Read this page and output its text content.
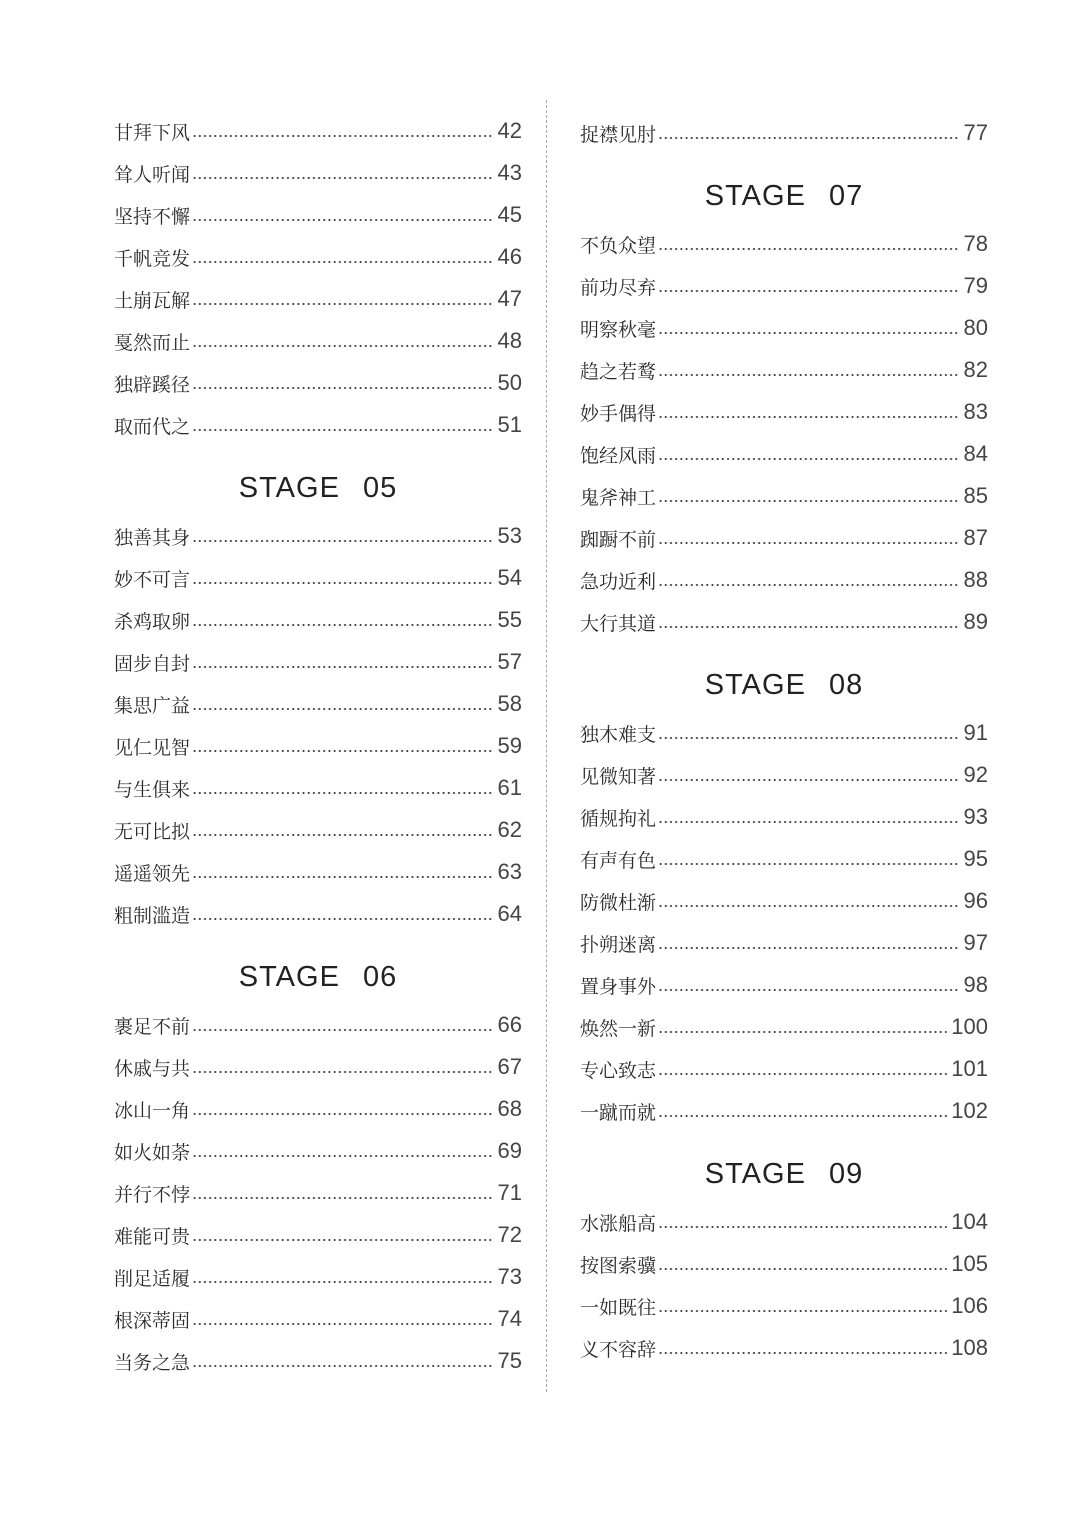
甘拜下风	42
耸人听闻	43
坚持不懈	45
千帆竞发	46
土崩瓦解	47
戛然而止	48
独辟蹊径	50
取而代之	51
STAGE 05
独善其身	53
妙不可言	54
杀鸡取卵	55
固步自封	57
集思广益	58
见仁见智	59
与生俱来	61
无可比拟	62
遥遥领先	63
粗制滥造	64
STAGE 06
裹足不前	66
休戚与共	67
冰山一角	68
如火如荼	69
并行不悖	71
难能可贵	72
削足适履	73
根深蒂固	74
当务之急	75
捉襟见肘	77
STAGE 07
不负众望	78
前功尽弃	79
明察秋毫	80
趋之若鹜	82
妙手偶得	83
饱经风雨	84
鬼斧神工	85
踟蹰不前	87
急功近利	88
大行其道	89
STAGE 08
独木难支	91
见微知著	92
循规拘礼	93
有声有色	95
防微杜渐	96
扑朔迷离	97
置身事外	98
焕然一新	100
专心致志	101
一蹴而就	102
STAGE 09
水涨船高	104
按图索骥	105
一如既往	106
义不容辞	108
